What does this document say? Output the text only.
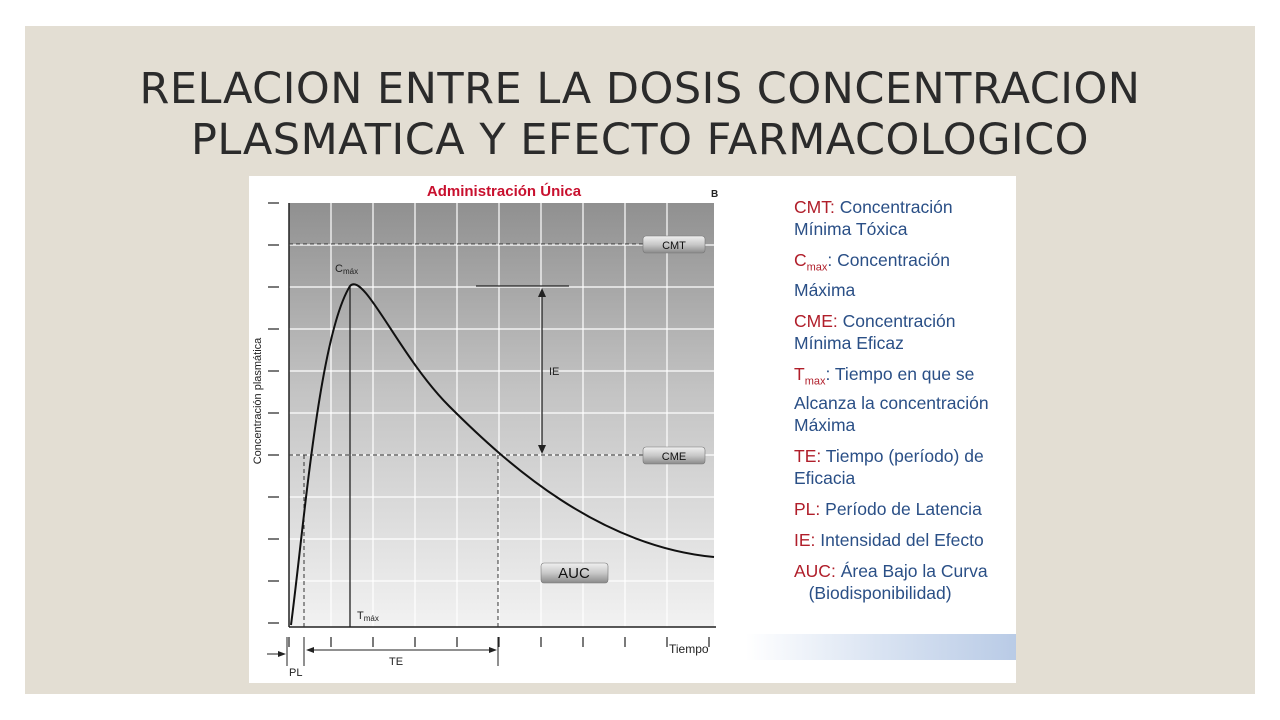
RELACION ENTRE LA DOSIS CONCENTRACION
PLASMATICA Y EFECTO FARMACOLOGICO
IE
CMT
CME
AUC
Cmáx
Tmáx
Administración Única	B
Concentración plasmática
Tiempo
PL
TE
CMT: Concentración
Mínima Tóxica
$C_{max}$: Concentración
Máxima
CME: Concentración
Mínima Eficaz
$T_{max}$: Tiempo en que se
Alcanza la concentración
Máxima
TE: Tiempo (período) de
Eficacia
PL: Período de Latencia
IE: Intensidad del Efecto
AUC: Área Bajo la Curva
(Biodisponibilidad)
